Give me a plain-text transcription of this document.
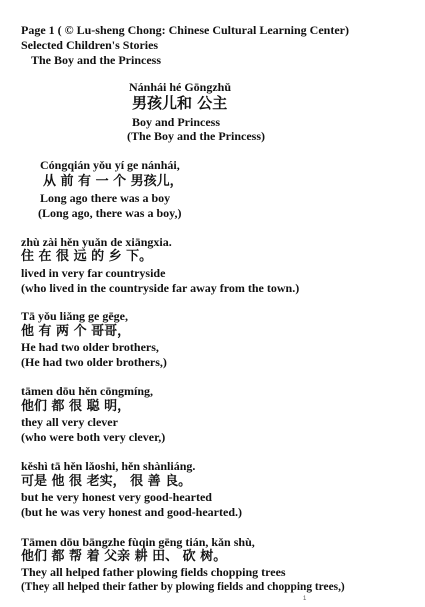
Page 1 ( © Lu-sheng Chong: Chinese Cultural Learning Center)
Selected Children's Stories
The Boy and the Princess
Nánhái hé Gōngzhǔ
男孩儿和 公主
Boy and Princess
(The Boy and the Princess)
Cóngqián yǒu yí ge nánhái,
从 前 有 一 个 男孩儿，
Long ago there was a boy
(Long ago, there was a boy,)
zhù zài hěn yuǎn de xiāngxia.
住 在 很 远 的 乡 下。
lived in very far countryside
(who lived in the countryside far away from the town.)
Tā yǒu liǎng ge gēge,
他 有 两 个 哥哥，
He had two older brothers,
(He had two older brothers,)
tāmen dōu hěn cōngmíng,
他们 都 很 聪 明，
they all very clever
(who were both very clever,)
kěshì tā hěn lǎoshi, hěn shànliáng.
可是 他 很 老实， 很 善 良。
but he very honest very good-hearted
(but he was very honest and good-hearted.)
Tāmen dōu bāngzhe fùqin gēng tián, kǎn shù,
他们 都 帮 着 父亲 耕 田、 砍 树。
They all helped father plowing fields chopping trees
(They all helped their father by plowing fields and chopping trees,)
1
